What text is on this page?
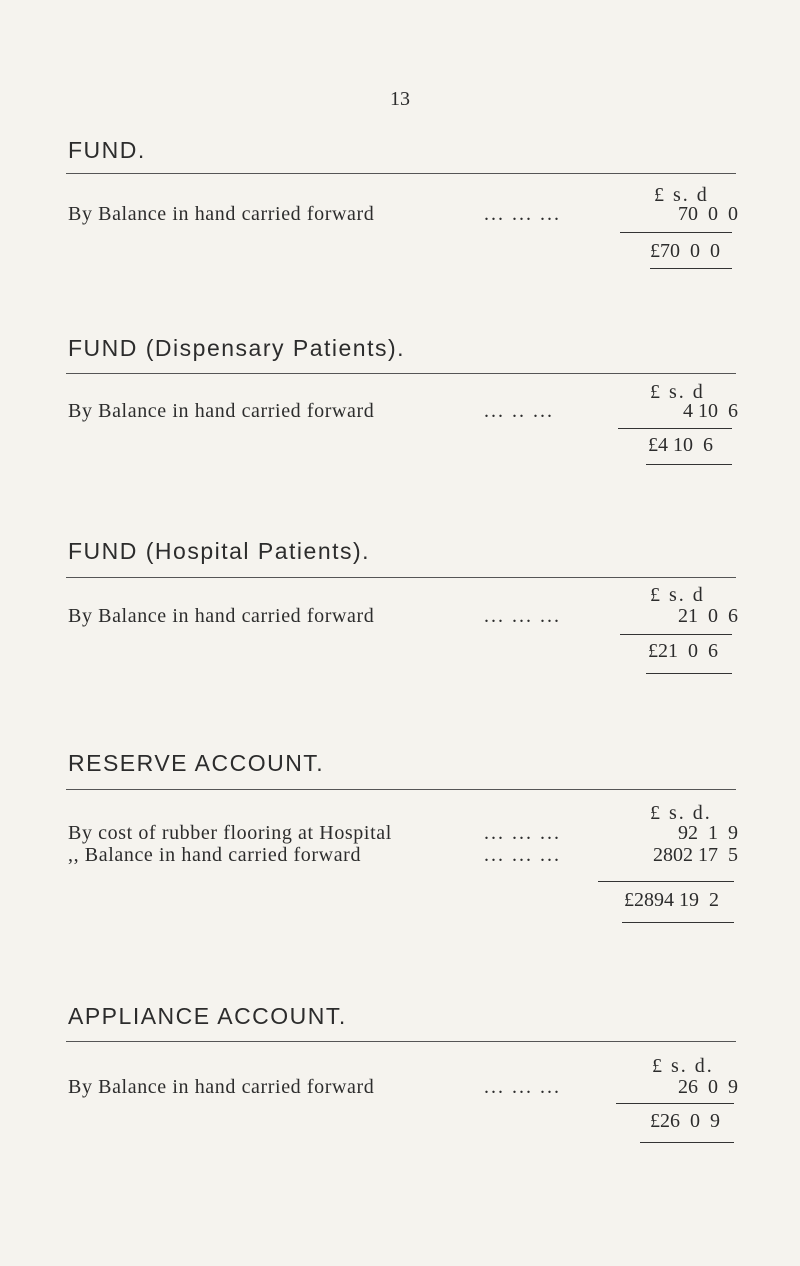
13
FUND.
£ s. d
By Balance in hand carried forward	... ... ...	70  0  0
£70  0  0
FUND (Dispensary Patients).
£ s. d
By Balance in hand carried forward	... .. ...	4 10  6
£4 10  6
FUND (Hospital Patients).
£ s. d
By Balance in hand carried forward	... ... ...	21  0  6
£21  0  6
RESERVE ACCOUNT.
£ s. d.
By cost of rubber flooring at Hospital	... ... ...	92  1  9
,, Balance in hand carried forward	... ... ...	2802 17  5
£2894 19  2
APPLIANCE ACCOUNT.
£ s. d.
By Balance in hand carried forward	... ... ...	26  0  9
£26  0  9
